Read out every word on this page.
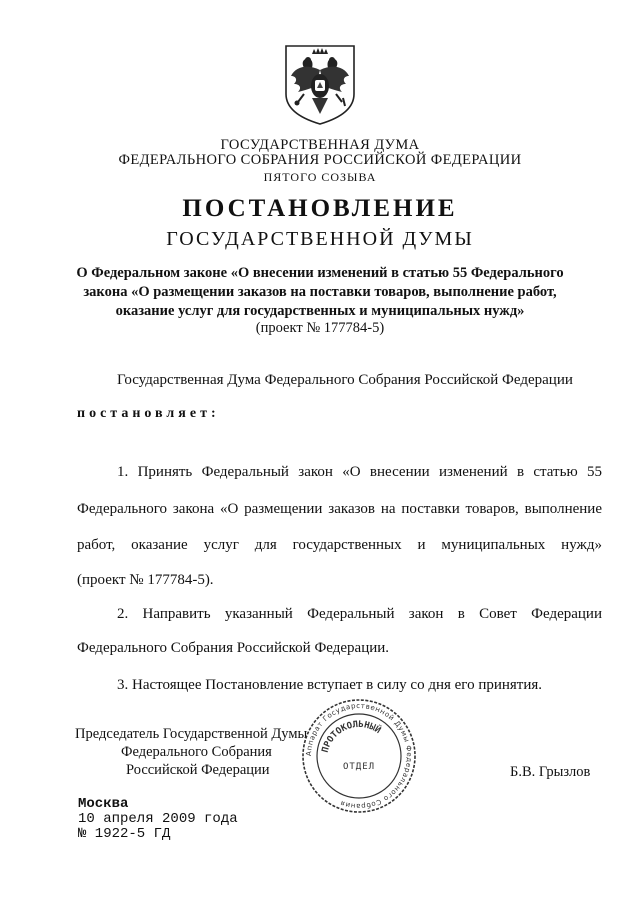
ГОСУДАРСТВЕННАЯ ДУМА
ФЕДЕРАЛЬНОГО СОБРАНИЯ РОССИЙСКОЙ ФЕДЕРАЦИИ
ПЯТОГО СОЗЫВА
ПОСТАНОВЛЕНИЕ
ГОСУДАРСТВЕННОЙ ДУМЫ
О Федеральном законе «О внесении изменений в статью 55 Федерального
закона «О размещении заказов на поставки товаров, выполнение работ,
оказание услуг для государственных и муниципальных нужд»
(проект № 177784-5)
Государственная Дума Федерального Собрания Российской Федерации
постановляет:
1. Принять Федеральный закон «О внесении изменений в статью 55
Федерального закона «О размещении заказов на поставки товаров, выполнение
работ, оказание услуг для государственных и муниципальных нужд»
(проект № 177784-5).
2. Направить указанный Федеральный закон в Совет Федерации
Федерального Собрания Российской Федерации.
3. Настоящее Постановление вступает в силу со дня его принятия.
Председатель Государственной Думы
Федерального Собрания
Российской Федерации	Б.В. Грызлов
Аппарат Государственной Думы Федерального Собрания
ПРОТОКОЛЬНЫЙ
ОТДЕЛ
Москва
10 апреля 2009 года
№ 1922-5 ГД
